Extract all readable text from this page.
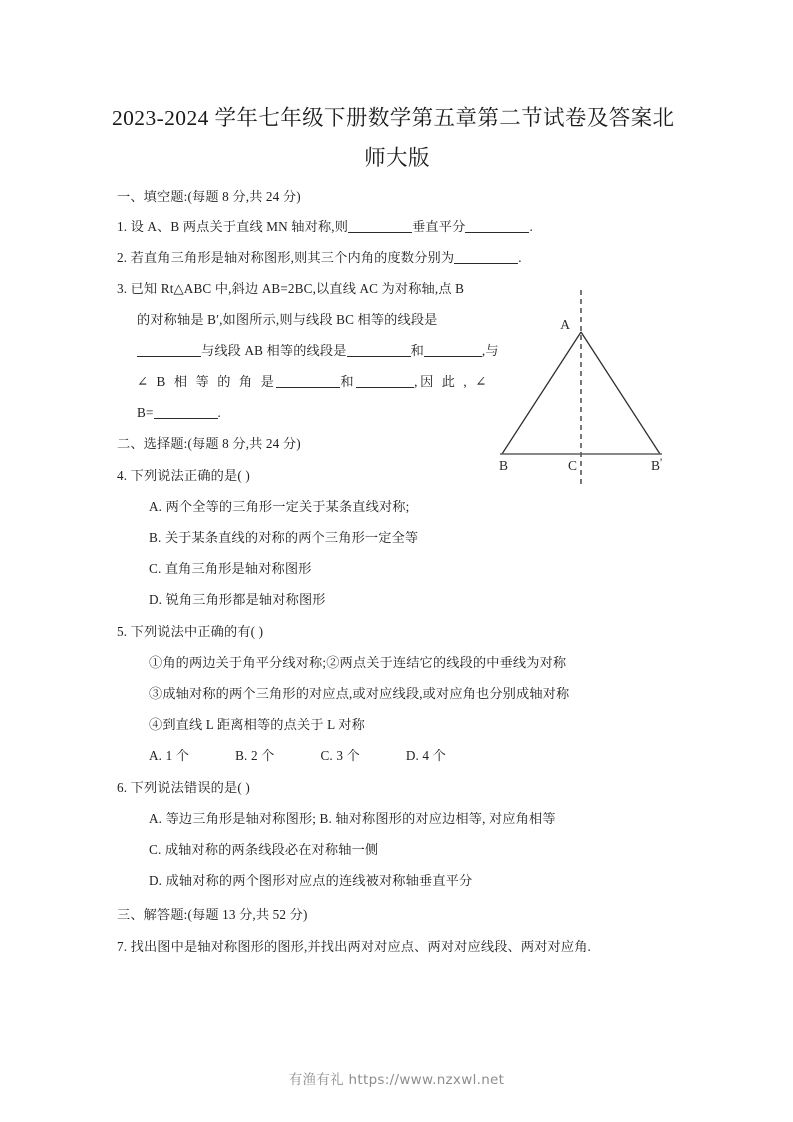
2023-2024 学年七年级下册数学第五章第二节试卷及答案北
师大版
一、填空题:(每题 8 分,共 24 分)
1. 设 A、B 两点关于直线 MN 轴对称,则	垂直平分	.
2. 若直角三角形是轴对称图形,则其三个内角的度数分别为	.
3. 已知 Rt△ABC 中,斜边 AB=2BC,以直线 AC 为对称轴,点 B
的对称轴是 B′,如图所示,则与线段 BC 相等的线段是
与线段 AB 相等的线段是	和	,与
∠ B 相 等 的 角 是	和	,因 此 , ∠
B=	.
A
B	C	B '
二、选择题:(每题 8 分,共 24 分)
4. 下列说法正确的是( )
A. 两个全等的三角形一定关于某条直线对称;
B. 关于某条直线的对称的两个三角形一定全等
C. 直角三角形是轴对称图形
D. 锐角三角形都是轴对称图形
5. 下列说法中正确的有( )
①角的两边关于角平分线对称;②两点关于连结它的线段的中垂线为对称
③成轴对称的两个三角形的对应点,或对应线段,或对应角也分别成轴对称
④到直线 L 距离相等的点关于 L 对称
A. 1 个	B. 2 个	C. 3 个	D. 4 个
6. 下列说法错误的是( )
A. 等边三角形是轴对称图形; B. 轴对称图形的对应边相等, 对应角相等
C. 成轴对称的两条线段必在对称轴一侧
D. 成轴对称的两个图形对应点的连线被对称轴垂直平分
三、解答题:(每题 13 分,共 52 分)
7. 找出图中是轴对称图形的图形,并找出两对对应点、两对对应线段、两对对应角.
有渔有礼 https://www.nzxwl.net
